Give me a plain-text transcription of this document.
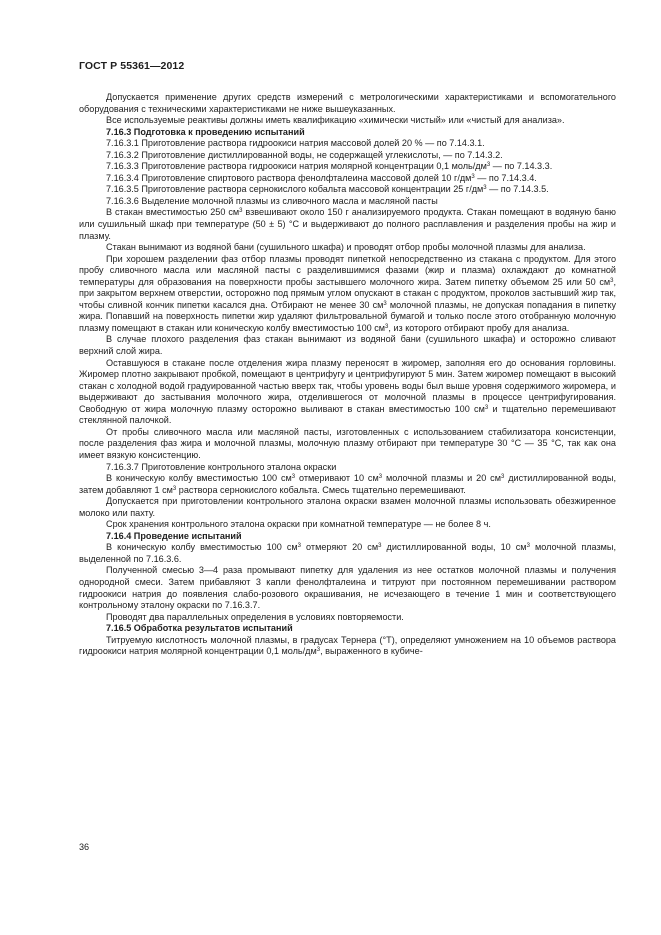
ГОСТ Р 55361—2012

Допускается применение других средств измерений с метрологическими характеристиками и вспомогательного оборудования с техническими характеристиками не ниже вышеуказанных.

Все используемые реактивы должны иметь квалификацию «химически чистый» или «чистый для анализа».

7.16.3 Подготовка к проведению испытаний

7.16.3.1 Приготовление раствора гидроокиси натрия массовой долей 20 % — по 7.14.3.1.

7.16.3.2 Приготовление дистиллированной воды, не содержащей углекислоты, — по 7.14.3.2.

7.16.3.3 Приготовление раствора гидроокиси натрия молярной концентрации 0,1 моль/$дм^3$ — по 7.14.3.3.

7.16.3.4 Приготовление спиртового раствора фенолфталеина массовой долей 10 $г/дм^3$ — по 7.14.3.4.

7.16.3.5 Приготовление раствора сернокислого кобальта массовой концентрации 25 $г/дм^3$ — по 7.14.3.5.

7.16.3.6 Выделение молочной плазмы из сливочного масла и масляной пасты

В стакан вместимостью 250 $см^3$ взвешивают около 150 г анализируемого продукта. Стакан помещают в водяную баню или сушильный шкаф при температуре (50 ± 5) °С и выдерживают до полного расплавления и разделения пробы на жир и плазму.

Стакан вынимают из водяной бани (сушильного шкафа) и проводят отбор пробы молочной плазмы для анализа.

При хорошем разделении фаз отбор плазмы проводят пипеткой непосредственно из стакана с продуктом. Для этого пробу сливочного масла или масляной пасты с разделившимися фазами (жир и плазма) охлаждают до комнатной температуры для образования на поверхности пробы застывшего молочного жира. Затем пипетку объемом 25 или 50 $см^3$, при закрытом верхнем отверстии, осторожно под прямым углом опускают в стакан с продуктом, проколов застывший жир так, чтобы сливной кончик пипетки касался дна. Отбирают не менее 30 $см^3$ молочной плазмы, не допуская попадания в пипетку жира. Попавший на поверхность пипетки жир удаляют фильтровальной бумагой и только после этого отобранную молочную плазму помещают в стакан или коническую колбу вместимостью 100 $см^3$, из которого отбирают пробу для анализа.

В случае плохого разделения фаз стакан вынимают из водяной бани (сушильного шкафа) и осторожно сливают верхний слой жира.

Оставшуюся в стакане после отделения жира плазму переносят в жиромер, заполняя его до основания горловины. Жиромер плотно закрывают пробкой, помещают в центрифугу и центрифугируют 5 мин. Затем жиромер помещают в высокий стакан с холодной водой градуированной частью вверх так, чтобы уровень воды был выше уровня содержимого жиромера, и выдерживают до застывания молочного жира, отделившегося от молочной плазмы в процессе центрифугирования. Свободную от жира молочную плазму осторожно выливают в стакан вместимостью 100 $см^3$ и тщательно перемешивают стеклянной палочкой.

От пробы сливочного масла или масляной пасты, изготовленных с использованием стабилизатора консистенции, после разделения фаз жира и молочной плазмы, молочную плазму отбирают при температуре 30 °С — 35 °С, так как она имеет вязкую консистенцию.

7.16.3.7 Приготовление контрольного эталона окраски

В коническую колбу вместимостью 100 $см^3$ отмеривают 10 $см^3$ молочной плазмы и 20 $см^3$ дистиллированной воды, затем добавляют 1 $см^3$ раствора сернокислого кобальта. Смесь тщательно перемешивают.

Допускается при приготовлении контрольного эталона окраски взамен молочной плазмы использовать обезжиренное молоко или пахту.

Срок хранения контрольного эталона окраски при комнатной температуре — не более 8 ч.

7.16.4 Проведение испытаний

В коническую колбу вместимостью 100 $см^3$ отмеряют 20 $см^3$ дистиллированной воды, 10 $см^3$ молочной плазмы, выделенной по 7.16.3.6.

Полученной смесью 3—4 раза промывают пипетку для удаления из нее остатков молочной плазмы и получения однородной смеси. Затем прибавляют 3 капли фенолфталеина и титруют при постоянном перемешивании раствором гидроокиси натрия до появления слабо-розового окрашивания, не исчезающего в течение 1 мин и соответствующего контрольному эталону окраски по 7.16.3.7.

Проводят два параллельных определения в условиях повторяемости.

7.16.5 Обработка результатов испытаний

Титруемую кислотность молочной плазмы, в градусах Тернера (°Т), определяют умножением на 10 объемов раствора гидроокиси натрия молярной концентрации 0,1 моль/$дм^3$, выраженного в кубиче-

36
